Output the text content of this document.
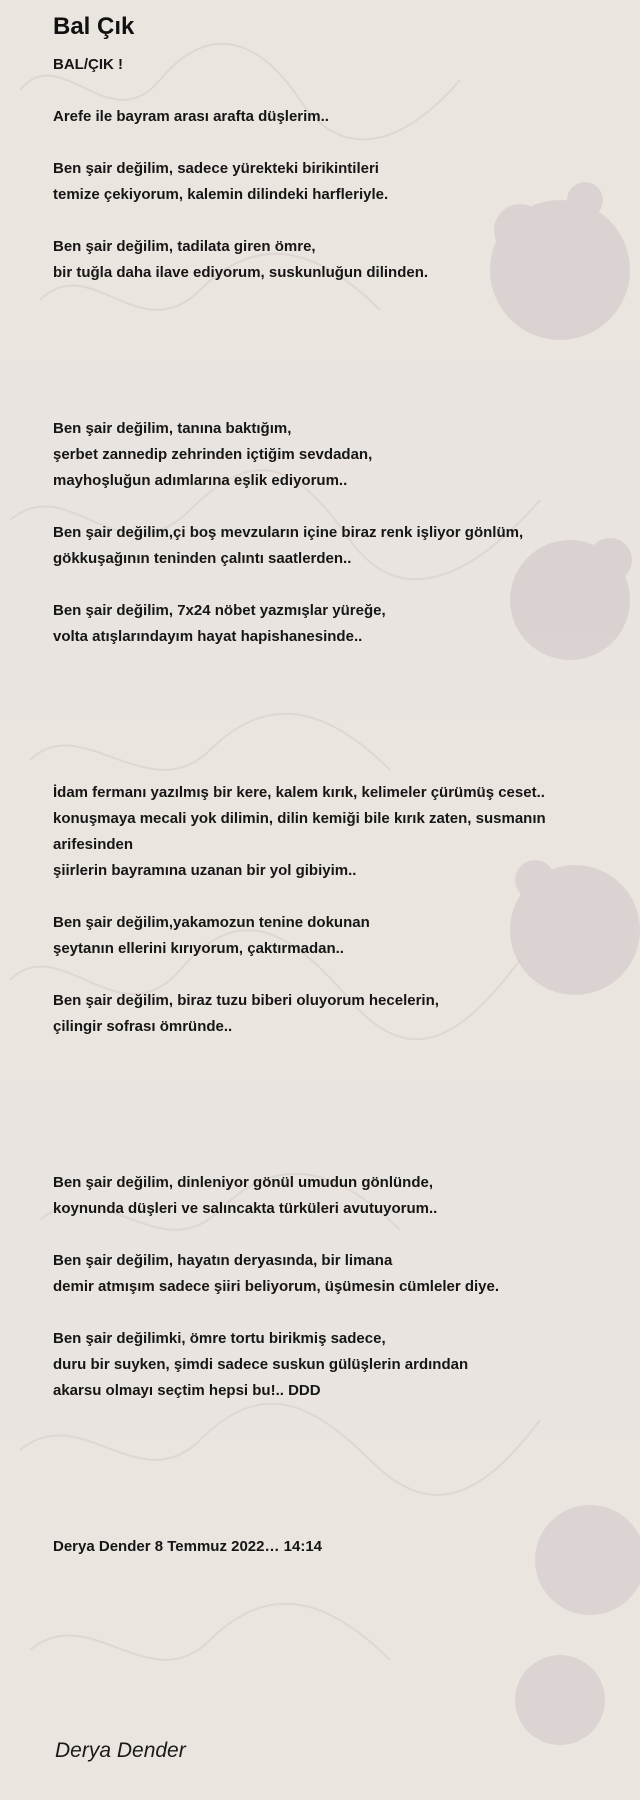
Bal Çık
BAL/ÇIK !
Arefe ile bayram arası arafta düşlerim..
Ben şair değilim, sadece yürekteki birikintileri
temize çekiyorum, kalemin dilindeki harfleriyle.
Ben şair değilim, tadilata giren ömre,
bir tuğla daha ilave ediyorum, suskunluğun dilinden.
Ben şair değilim, tanına baktığım,
şerbet zannedip zehrinden içtiğim sevdadan,
mayhoşluğun adımlarına eşlik ediyorum..
Ben şair değilim,çi boş mevzuların içine biraz renk işliyor gönlüm,
gökkuşağının teninden çalıntı saatlerden..
Ben şair değilim, 7x24 nöbet yazmışlar yüreğe,
volta atışlarındayım hayat hapishanesinde..
İdam fermanı yazılmış bir kere, kalem kırık, kelimeler çürümüş ceset..
konuşmaya mecali yok dilimin, dilin kemiği bile kırık zaten, susmanın
arifesinden
şiirlerin bayramına uzanan bir yol gibiyim..
Ben şair değilim,yakamozun tenine dokunan
şeytanın ellerini kırıyorum, çaktırmadan..
Ben şair değilim, biraz tuzu biberi oluyorum hecelerin,
çilingir sofrası ömründe..
Ben şair değilim, dinleniyor gönül umudun gönlünde,
koynunda düşleri ve salıncakta türküleri avutuyorum..
Ben şair değilim, hayatın deryasında, bir limana
demir atmışım sadece şiiri beliyorum, üşümesin cümleler diye.
Ben şair değilimki, ömre tortu birikmiş sadece,
duru bir suyken, şimdi sadece suskun gülüşlerin ardından
akarsu olmayı seçtim hepsi bu!.. DDD
Derya Dender 8 Temmuz 2022… 14:14
Derya Dender
